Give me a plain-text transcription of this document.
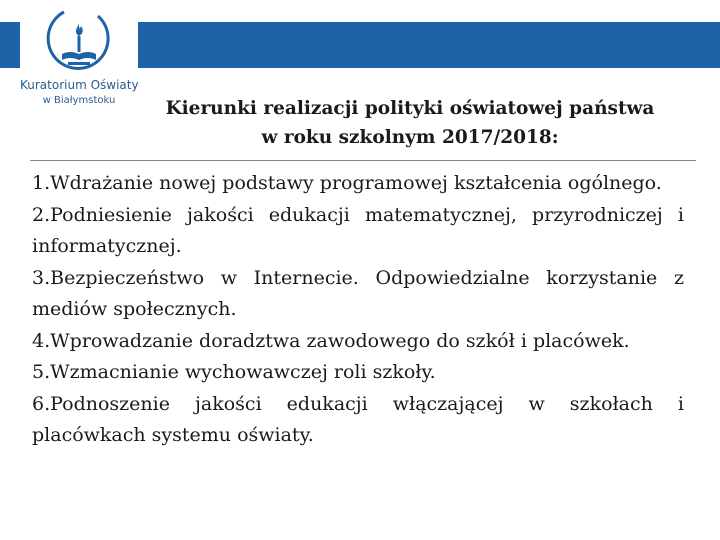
Kuratorium Oświaty
w Białymstoku	Kierunki realizacji polityki oświatowej państwa
w roku szkolnym 2017/2018:

1.Wdrażanie nowej podstawy programowej kształcenia ogólnego.

2.Podniesienie jakości edukacji matematycznej, przyrodniczej i informatycznej.

3.Bezpieczeństwo w Internecie. Odpowiedzialne korzystanie z mediów społecznych.

4.Wprowadzanie doradztwa zawodowego do szkół i placówek.

5.Wzmacnianie wychowawczej roli szkoły.

6.Podnoszenie jakości edukacji włączającej w szkołach i placówkach systemu oświaty.
